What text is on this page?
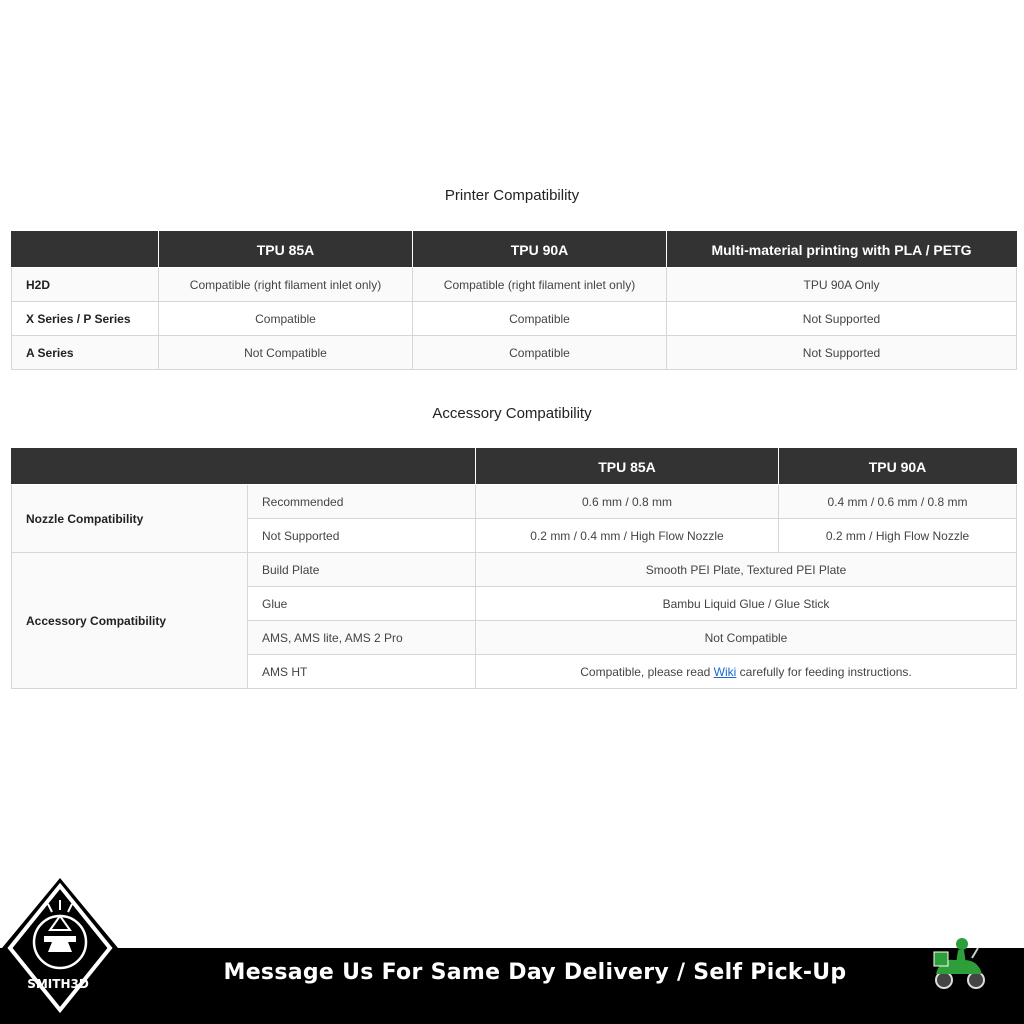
Printer Compatibility
	TPU 85A	TPU 90A	Multi-material printing with PLA / PETG
H2D	Compatible (right filament inlet only)	Compatible (right filament inlet only)	TPU 90A Only
X Series / P Series	Compatible	Compatible	Not Supported
A Series	Not Compatible	Compatible	Not Supported
Accessory Compatibility
		TPU 85A	TPU 90A
Nozzle Compatibility	Recommended	0.6 mm / 0.8 mm	0.4 mm / 0.6 mm / 0.8 mm
	Not Supported	0.2 mm / 0.4 mm / High Flow Nozzle	0.2 mm / High Flow Nozzle
Accessory Compatibility	Build Plate	Smooth PEI Plate, Textured PEI Plate	
	Glue	Bambu Liquid Glue / Glue Stick	
	AMS, AMS lite, AMS 2 Pro	Not Compatible	
	AMS HT	Compatible, please read Wiki carefully for feeding instructions.	
SMITH3D	Message Us For Same Day Delivery / Self Pick-Up
